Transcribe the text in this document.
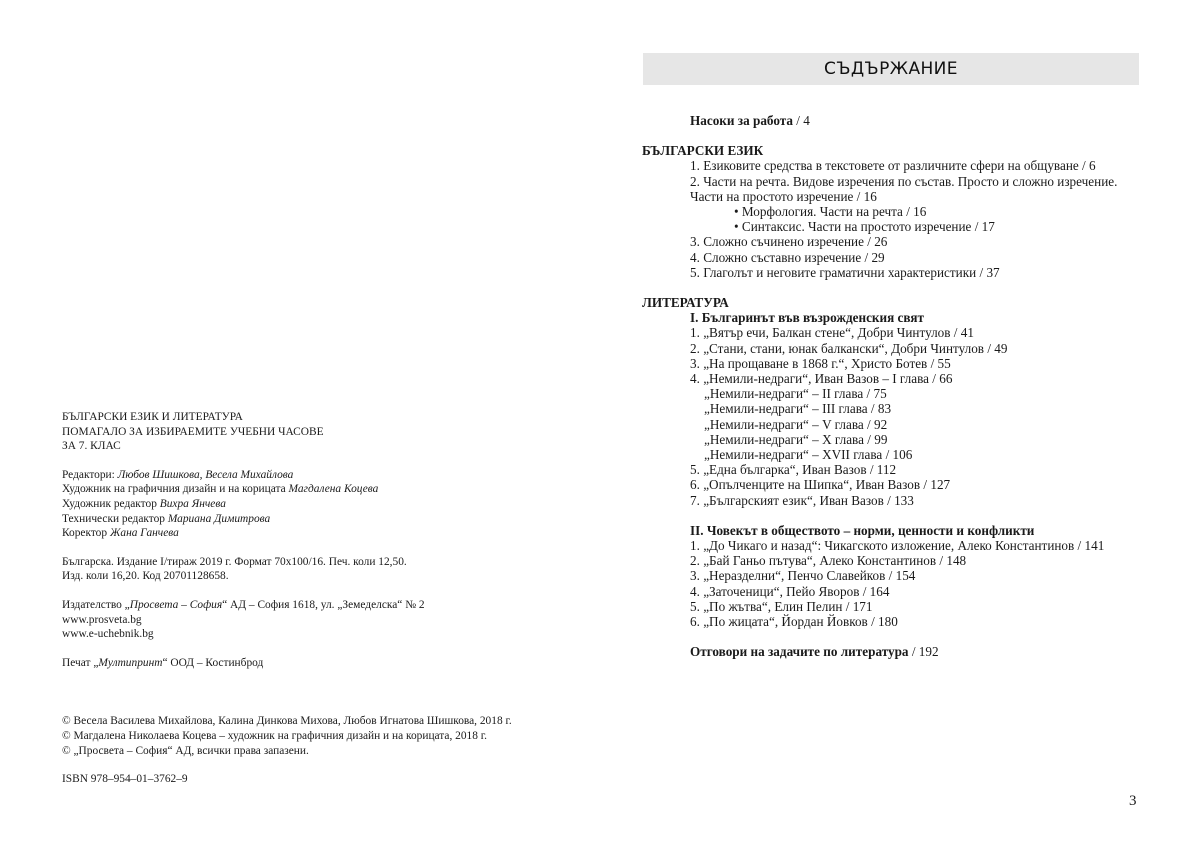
БЪЛГАРСКИ ЕЗИК И ЛИТЕРАТУРА
ПОМАГАЛО ЗА ИЗБИРАЕМИТЕ УЧЕБНИ ЧАСОВЕ
ЗА 7. КЛАС
Редактори: Любов Шишкова, Весела Михайлова
Художник на графичния дизайн и на корицата Магдалена Коцева
Художник редактор Вихра Янчева
Технически редактор Мариана Димитрова
Коректор Жана Ганчева
Българска. Издание I/тираж 2019 г. Формат 70х100/16. Печ. коли 12,50.
Изд. коли 16,20. Код 20701128658.
Издателство „Просвета – София“ АД – София 1618, ул. „Земеделска“ № 2
www.prosveta.bg
www.e-uchebnik.bg
Печат „Мултипринт“ ООД – Костинброд
© Весела Василева Михайлова, Калина Динкова Михова, Любов Игнатова Шишкова, 2018 г.
© Магдалена Николаева Коцева – художник на графичния дизайн и на корицата, 2018 г.
© „Просвета – София“ АД, всички права запазени.
ISBN 978–954–01–3762–9
СЪДЪРЖАНИЕ
Насоки за работа / 4
БЪЛГАРСКИ ЕЗИК
1. Езиковите средства в текстовете от различните сфери на общуване / 6
2. Части на речта. Видове изречения по състав. Просто и сложно изречение.
Части на простото изречение / 16
• Морфология. Части на речта / 16
• Синтаксис. Части на простото изречение / 17
3. Сложно съчинено изречение / 26
4. Сложно съставно изречение / 29
5. Глаголът и неговите граматични характеристики / 37
ЛИТЕРАТУРА
I. Българинът във възрожденския свят
1. „Вятър ечи, Балкан стене“, Добри Чинтулов / 41
2. „Стани, стани, юнак балкански“, Добри Чинтулов / 49
3. „На прощаване в 1868 г.“, Христо Ботев / 55
4. „Немили-недраги“, Иван Вазов – I глава / 66
„Немили-недраги“ – II глава / 75
„Немили-недраги“ – III глава / 83
„Немили-недраги“ – V глава / 92
„Немили-недраги“ – X глава / 99
„Немили-недраги“ – XVII глава / 106
5. „Една българка“, Иван Вазов / 112
6. „Опълченците на Шипка“, Иван Вазов / 127
7. „Българският език“, Иван Вазов / 133
II. Човекът в обществото – норми, ценности и конфликти
1. „До Чикаго и назад“: Чикагското изложение, Алеко Константинов / 141
2. „Бай Ганьо пътува“, Алеко Константинов / 148
3. „Неразделни“, Пенчо Славейков / 154
4. „Заточеници“, Пейо Яворов / 164
5. „По жътва“, Елин Пелин / 171
6. „По жицата“, Йордан Йовков / 180
Отговори на задачите по литература / 192
3
